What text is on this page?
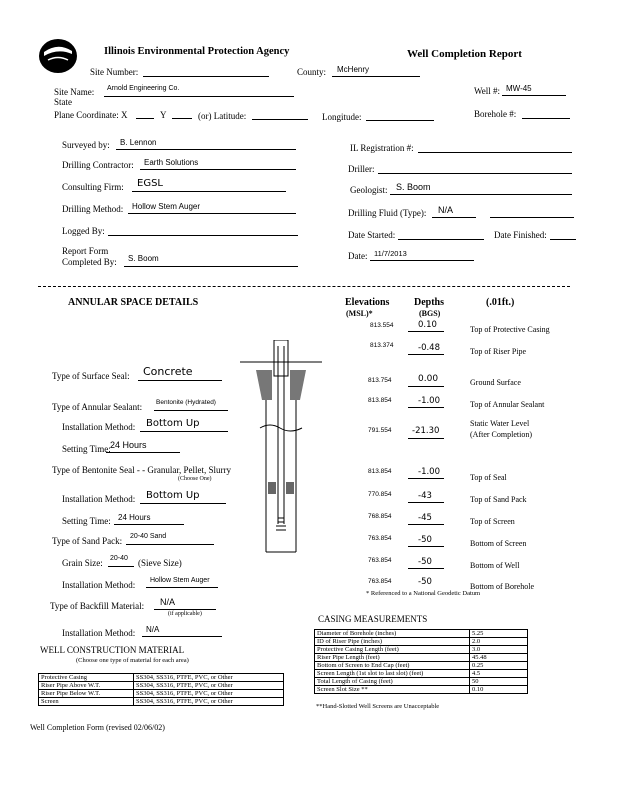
Illinois Environmental Protection Agency	Well Completion Report
Site Number:	County: McHenry
Site Name: Arnold Engineering Co.	Well #: MW-45
State
Plane Coordinate: X	Y	(or) Latitude:	Longitude:	Borehole #:
Surveyed by: B. Lennon
IL Registration #:
Drilling Contractor: Earth Solutions
Driller:
Consulting Firm: EGSL
Geologist: S. Boom
Drilling Method: Hollow Stem Auger
Drilling Fluid (Type): N/A
Logged By:	Date Started:	Date Finished:
Report Form
Completed By: S. Boom	Date: 11/7/2013
ANNULAR SPACE DETAILS	Elevations
(MSL)*
Depths
(BGS)
(.01ft.)
Type of Surface Seal: Concrete
Type of Annular Sealant: Bentonite (Hydrated)
Installation Method: Bottom Up
Setting Time: 24 Hours
Type of Bentonite Seal - - Granular, Pellet, Slurry
(Choose One)
Installation Method: Bottom Up
Setting Time: 24 Hours
Type of Sand Pack: 20-40 Sand
Grain Size: 20-40 (Sieve Size)
Installation Method: Hollow Stem Auger
Type of Backfill Material: N/A
(if applicable)
Installation Method: N/A
813.554	0.10	Top of Protective Casing
813.374	-0.48	Top of Riser Pipe
813.754	0.00	Ground Surface
813.854	-1.00	Top of Annular Sealant
791.554 -21.30
Static Water Level
(After Completion)
813.854	-1.00
Top of Seal
770.854	-43	Top of Sand Pack
768.854	-45	Top of Screen
763.854	-50	Bottom of Screen
763.854	-50	Bottom of Well
763.854	-50	Bottom of Borehole
* Referenced to a National Geodetic Datum
CASING MEASUREMENTS
Diameter of Borehole (inches)	5.25
ID of Riser Pipe (inches)	2.0
Protective Casing Length (feet)	3.0
Riser Pipe Length (feet)	45.48
Bottom of Screen to End Cap (feet)	0.25
Screen Length (1st slot to last slot) (feet)	4.5
Total Length of Casing (feet)	50
Screen Slot Size **	0.10
**Hand-Slotted Well Screens are Unacceptable
WELL CONSTRUCTION MATERIAL
(Choose one type of material for each area)
Protective Casing	SS304, SS316, PTFE, PVC, or Other
Riser Pipe Above W.T.	SS304, SS316, PTFE, PVC, or Other
Riser Pipe Below W.T.	SS304, SS316, PTFE, PVC, or Other
Screen	SS304, SS316, PTFE, PVC, or Other
Well Completion Form (revised 02/06/02)
